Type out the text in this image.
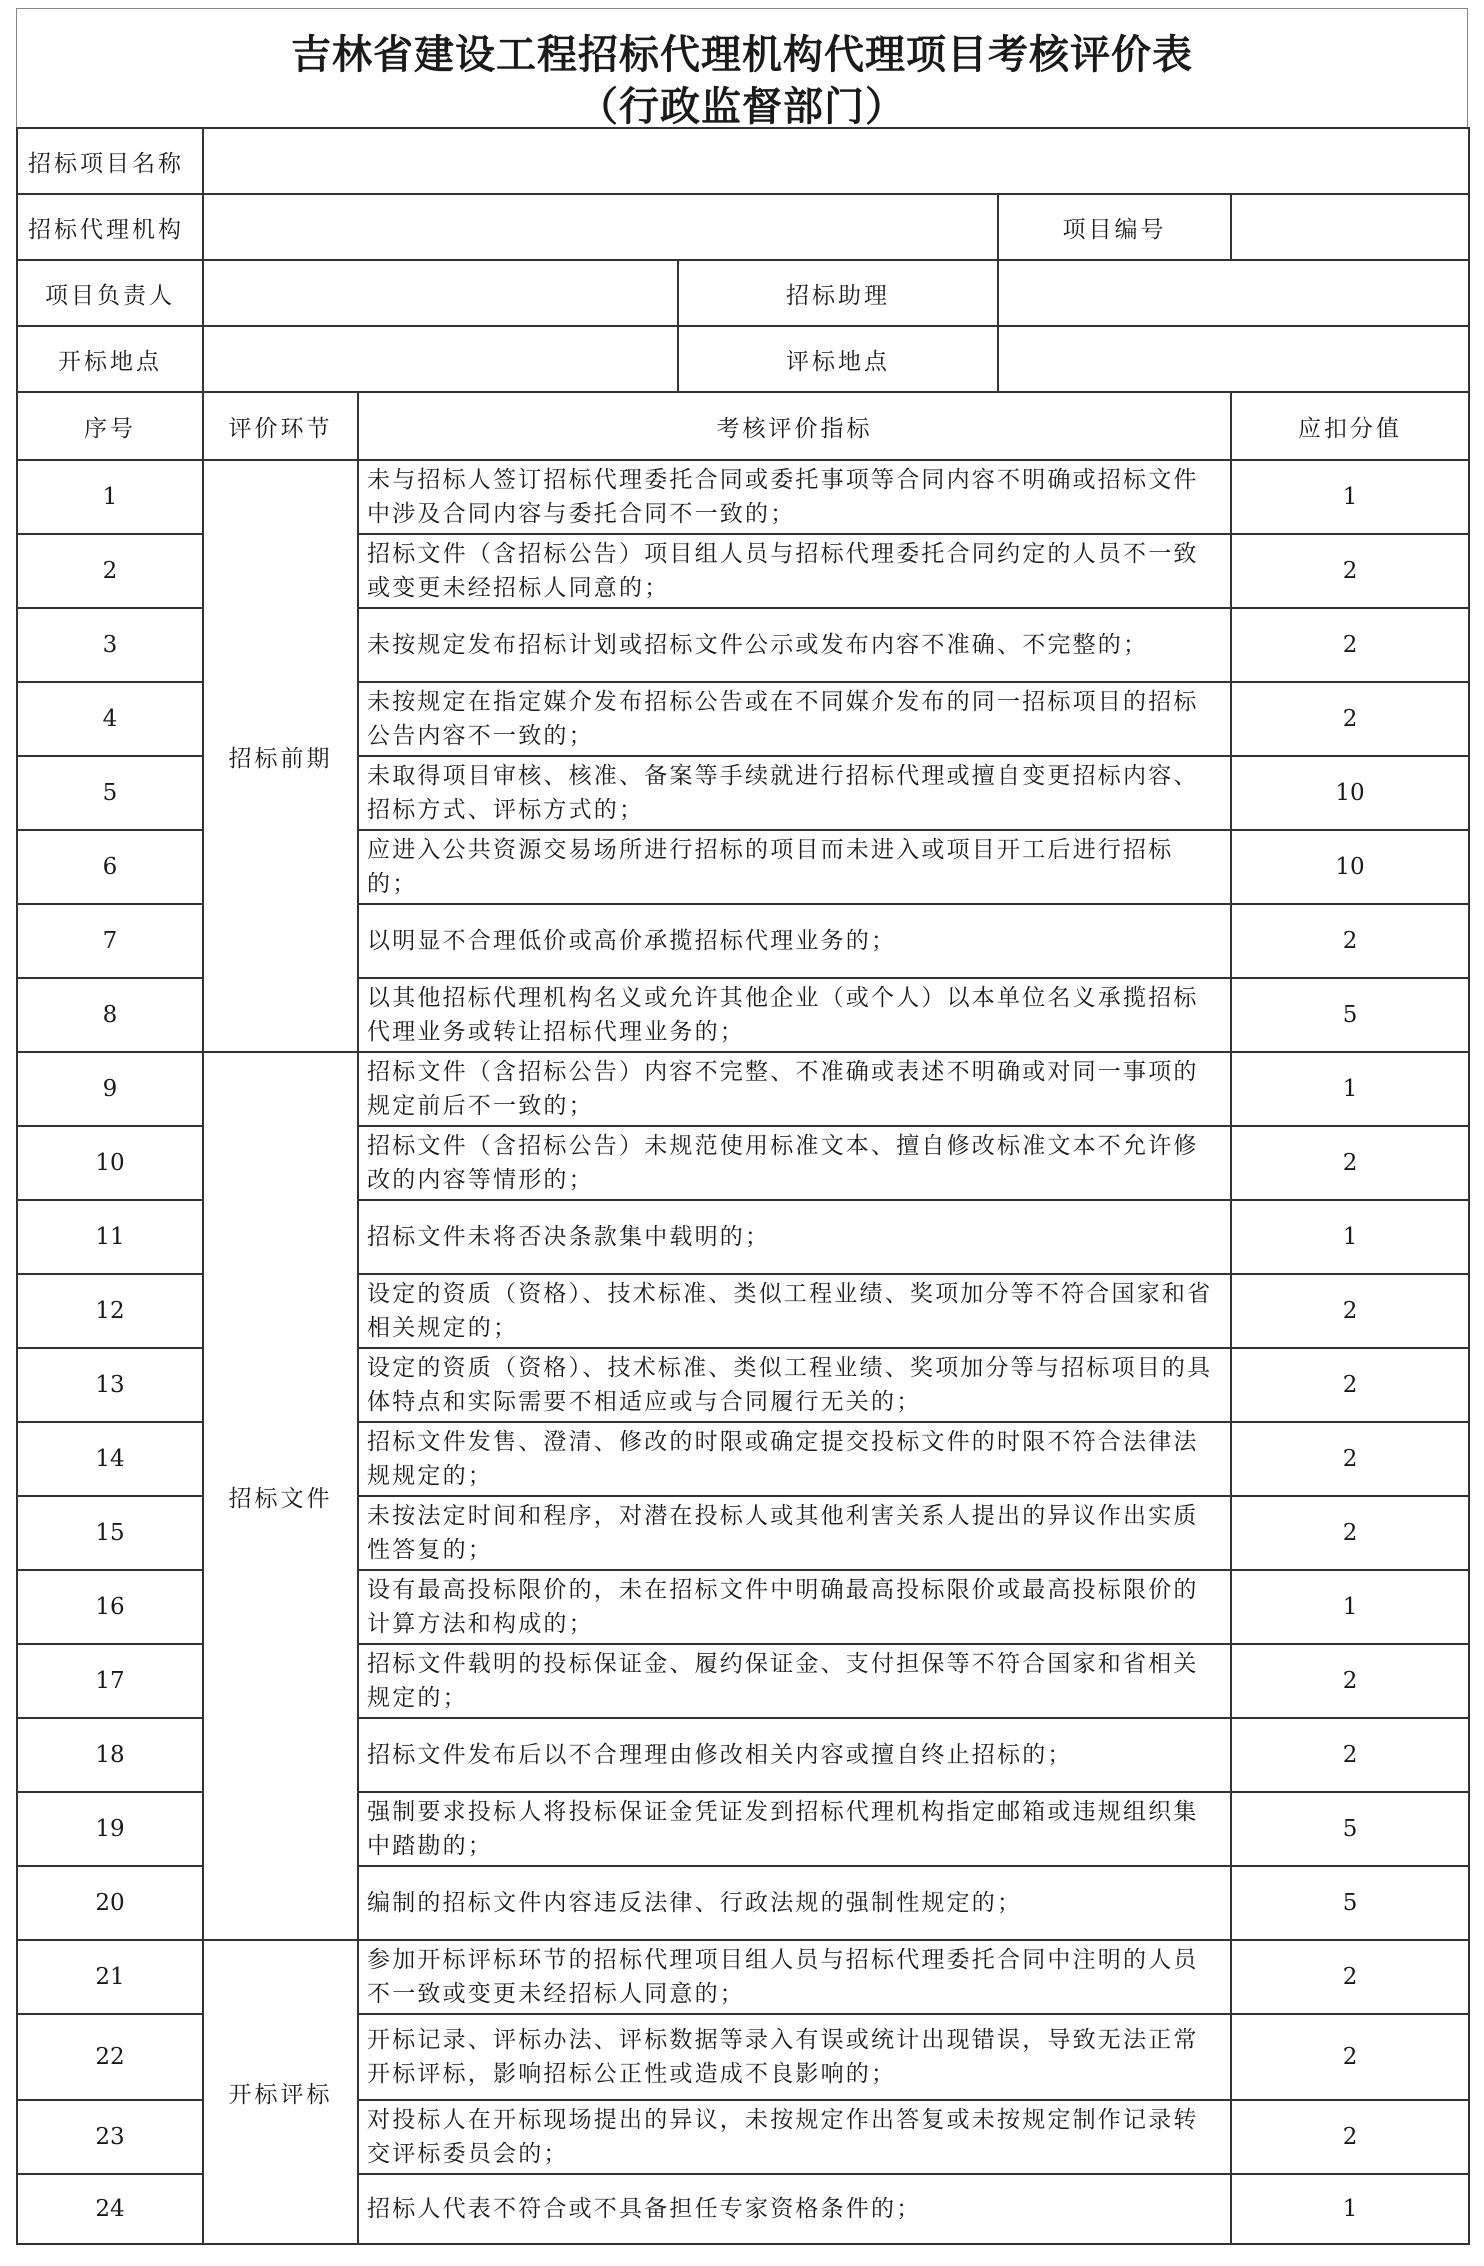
吉林省建设工程招标代理机构代理项目考核评价表
（行政监督部门）
招标项目名称					
招标代理机构				项目编号	
项目负责人			招标助理		
开标地点			评标地点		
序号	评价环节	考核评价指标			应扣分值
1	招标前期	未与招标人签订招标代理委托合同或委托事项等合同内容不明确或招标文件中涉及合同内容与委托合同不一致的；			1
2		招标文件（含招标公告）项目组人员与招标代理委托合同约定的人员不一致或变更未经招标人同意的；			2
3		未按规定发布招标计划或招标文件公示或发布内容不准确、不完整的；			2
4		未按规定在指定媒介发布招标公告或在不同媒介发布的同一招标项目的招标公告内容不一致的；			2
5		未取得项目审核、核准、备案等手续就进行招标代理或擅自变更招标内容、招标方式、评标方式的；			10
6		应进入公共资源交易场所进行招标的项目而未进入或项目开工后进行招标的；			10
7		以明显不合理低价或高价承揽招标代理业务的；			2
8		以其他招标代理机构名义或允许其他企业（或个人）以本单位名义承揽招标代理业务或转让招标代理业务的；			5
9	招标文件	招标文件（含招标公告）内容不完整、不准确或表述不明确或对同一事项的规定前后不一致的；			1
10		招标文件（含招标公告）未规范使用标准文本、擅自修改标准文本不允许修改的内容等情形的；			2
11		招标文件未将否决条款集中载明的；			1
12		设定的资质（资格）、技术标准、类似工程业绩、奖项加分等不符合国家和省相关规定的；			2
13		设定的资质（资格）、技术标准、类似工程业绩、奖项加分等与招标项目的具体特点和实际需要不相适应或与合同履行无关的；			2
14		招标文件发售、澄清、修改的时限或确定提交投标文件的时限不符合法律法规规定的；			2
15		未按法定时间和程序，对潜在投标人或其他利害关系人提出的异议作出实质性答复的；			2
16		设有最高投标限价的，未在招标文件中明确最高投标限价或最高投标限价的计算方法和构成的；			1
17		招标文件载明的投标保证金、履约保证金、支付担保等不符合国家和省相关规定的；			2
18		招标文件发布后以不合理理由修改相关内容或擅自终止招标的；			2
19		强制要求投标人将投标保证金凭证发到招标代理机构指定邮箱或违规组织集中踏勘的；			5
20		编制的招标文件内容违反法律、行政法规的强制性规定的；			5
21	开标评标	参加开标评标环节的招标代理项目组人员与招标代理委托合同中注明的人员不一致或变更未经招标人同意的；			2
22		开标记录、评标办法、评标数据等录入有误或统计出现错误，导致无法正常开标评标，影响招标公正性或造成不良影响的；			2
23		对投标人在开标现场提出的异议，未按规定作出答复或未按规定制作记录转交评标委员会的；			2
24		招标人代表不符合或不具备担任专家资格条件的；			1
